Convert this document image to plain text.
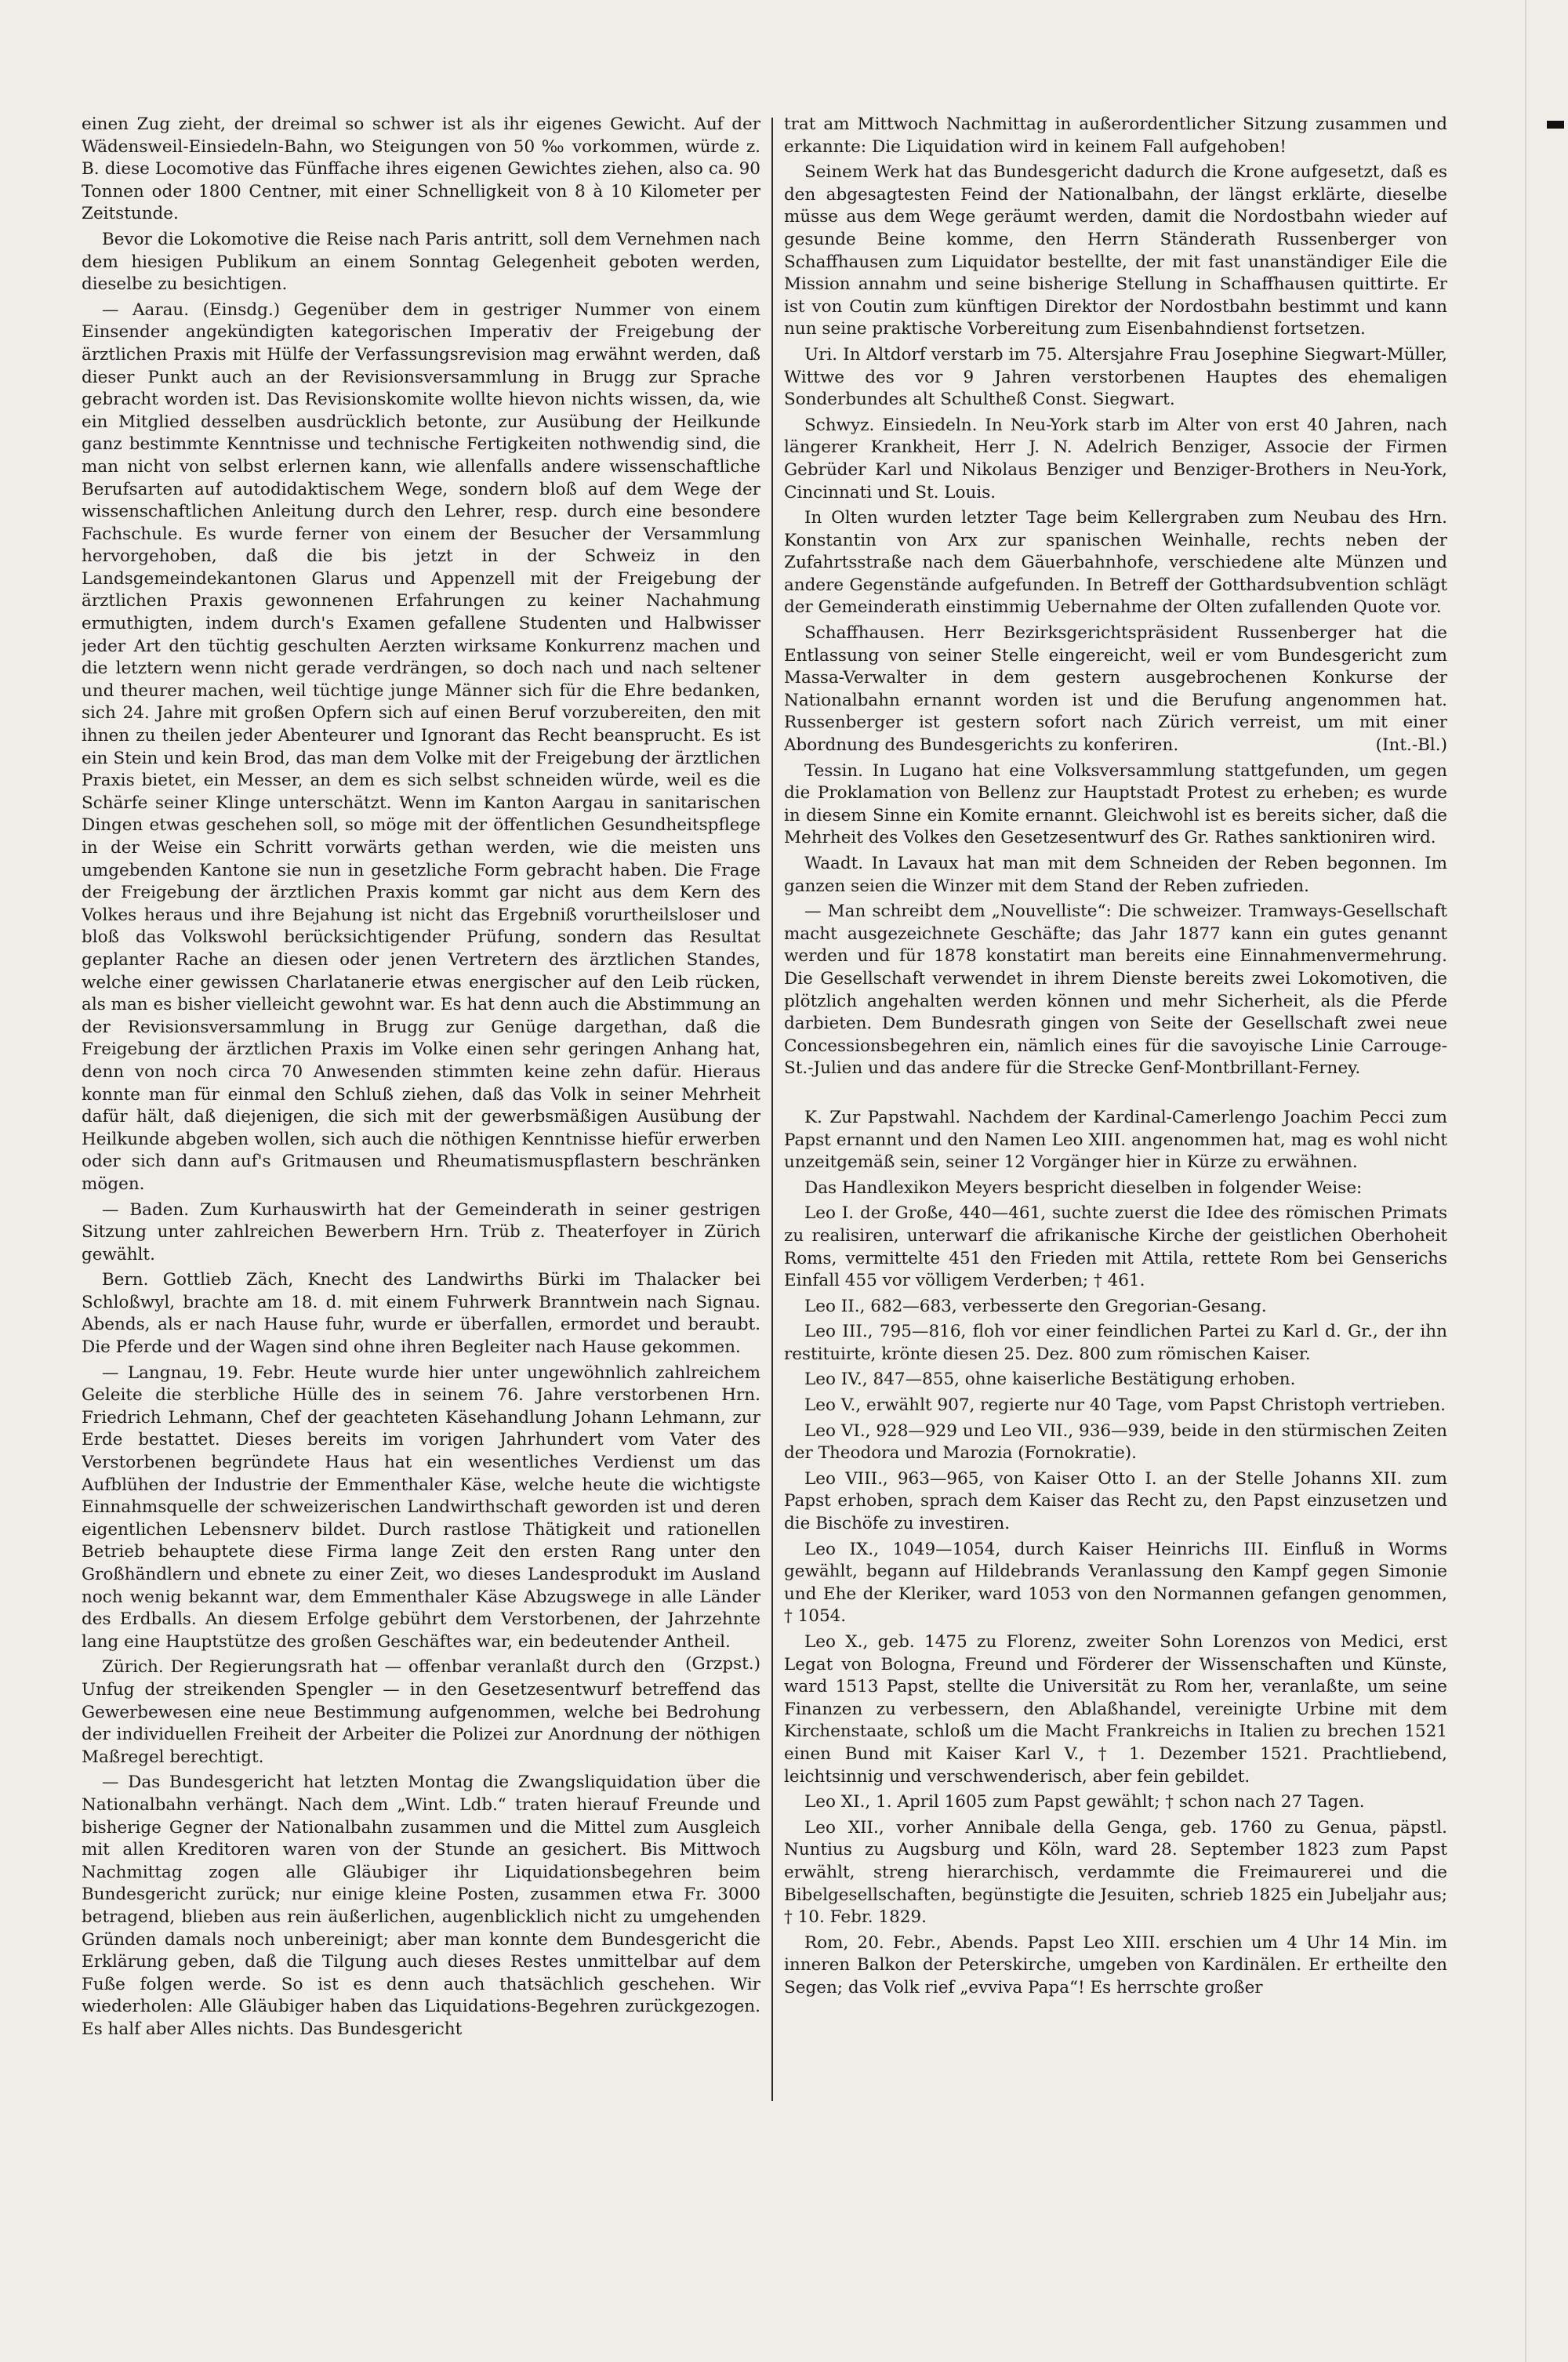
einen Zug zieht, der dreimal so schwer ist als ihr eigenes Gewicht. Auf der Wädensweil-Einsiedeln-Bahn, wo Steigungen von 50 ‰ vorkommen, würde z. B. diese Locomotive das Fünffache ihres eigenen Gewichtes ziehen, also ca. 90 Tonnen oder 1800 Centner, mit einer Schnelligkeit von 8 à 10 Kilometer per Zeitstunde.

Bevor die Lokomotive die Reise nach Paris antritt, soll dem Vernehmen nach dem hiesigen Publikum an einem Sonntag Gelegenheit geboten werden, dieselbe zu besichtigen.

— Aarau. (Einsdg.) Gegenüber dem in gestriger Nummer von einem Einsender angekündigten kategorischen Imperativ der Freigebung der ärztlichen Praxis mit Hülfe der Verfassungsrevision mag erwähnt werden, daß dieser Punkt auch an der Revisionsversammlung in Brugg zur Sprache gebracht worden ist. Das Revisionskomite wollte hievon nichts wissen, da, wie ein Mitglied desselben ausdrücklich betonte, zur Ausübung der Heilkunde ganz bestimmte Kenntnisse und technische Fertigkeiten nothwendig sind, die man nicht von selbst erlernen kann, wie allenfalls andere wissenschaftliche Berufsarten auf autodidaktischem Wege, sondern bloß auf dem Wege der wissenschaftlichen Anleitung durch den Lehrer, resp. durch eine besondere Fachschule. Es wurde ferner von einem der Besucher der Versammlung hervorgehoben, daß die bis jetzt in der Schweiz in den Landsgemeindekantonen Glarus und Appenzell mit der Freigebung der ärztlichen Praxis gewonnenen Erfahrungen zu keiner Nachahmung ermuthigten, indem durch's Examen gefallene Studenten und Halbwisser jeder Art den tüchtig geschulten Aerzten wirksame Konkurrenz machen und die letztern wenn nicht gerade verdrängen, so doch nach und nach seltener und theurer machen, weil tüchtige junge Männer sich für die Ehre bedanken, sich 24. Jahre mit großen Opfern sich auf einen Beruf vorzubereiten, den mit ihnen zu theilen jeder Abenteurer und Ignorant das Recht beansprucht. Es ist ein Stein und kein Brod, das man dem Volke mit der Freigebung der ärztlichen Praxis bietet, ein Messer, an dem es sich selbst schneiden würde, weil es die Schärfe seiner Klinge unterschätzt. Wenn im Kanton Aargau in sanitarischen Dingen etwas geschehen soll, so möge mit der öffentlichen Gesundheitspflege in der Weise ein Schritt vorwärts gethan werden, wie die meisten uns umgebenden Kantone sie nun in gesetzliche Form gebracht haben. Die Frage der Freigebung der ärztlichen Praxis kommt gar nicht aus dem Kern des Volkes heraus und ihre Bejahung ist nicht das Ergebniß vorurtheilsloser und bloß das Volkswohl berücksichtigender Prüfung, sondern das Resultat geplanter Rache an diesen oder jenen Vertretern des ärztlichen Standes, welche einer gewissen Charlatanerie etwas energischer auf den Leib rücken, als man es bisher vielleicht gewohnt war. Es hat denn auch die Abstimmung an der Revisionsversammlung in Brugg zur Genüge dargethan, daß die Freigebung der ärztlichen Praxis im Volke einen sehr geringen Anhang hat, denn von noch circa 70 Anwesenden stimmten keine zehn dafür. Hieraus konnte man für einmal den Schluß ziehen, daß das Volk in seiner Mehrheit dafür hält, daß diejenigen, die sich mit der gewerbsmäßigen Ausübung der Heilkunde abgeben wollen, sich auch die nöthigen Kenntnisse hiefür erwerben oder sich dann auf's Gritmausen und Rheumatismuspflastern beschränken mögen.

— Baden. Zum Kurhauswirth hat der Gemeinderath in seiner gestrigen Sitzung unter zahlreichen Bewerbern Hrn. Trüb z. Theaterfoyer in Zürich gewählt.

Bern. Gottlieb Zäch, Knecht des Landwirths Bürki im Thalacker bei Schloßwyl, brachte am 18. d. mit einem Fuhrwerk Branntwein nach Signau. Abends, als er nach Hause fuhr, wurde er überfallen, ermordet und beraubt. Die Pferde und der Wagen sind ohne ihren Begleiter nach Hause gekommen.

— Langnau, 19. Febr. Heute wurde hier unter ungewöhnlich zahlreichem Geleite die sterbliche Hülle des in seinem 76. Jahre verstorbenen Hrn. Friedrich Lehmann, Chef der geachteten Käsehandlung Johann Lehmann, zur Erde bestattet. Dieses bereits im vorigen Jahrhundert vom Vater des Verstorbenen begründete Haus hat ein wesentliches Verdienst um das Aufblühen der Industrie der Emmenthaler Käse, welche heute die wichtigste Einnahmsquelle der schweizerischen Landwirthschaft geworden ist und deren eigentlichen Lebensnerv bildet. Durch rastlose Thätigkeit und rationellen Betrieb behauptete diese Firma lange Zeit den ersten Rang unter den Großhändlern und ebnete zu einer Zeit, wo dieses Landesprodukt im Ausland noch wenig bekannt war, dem Emmenthaler Käse Abzugswege in alle Länder des Erdballs. An diesem Erfolge gebührt dem Verstorbenen, der Jahrzehnte lang eine Hauptstütze des großen Geschäftes war, ein bedeutender Antheil.
(Grzpst.)

Zürich. Der Regierungsrath hat — offenbar veranlaßt durch den Unfug der streikenden Spengler — in den Gesetzesentwurf betreffend das Gewerbewesen eine neue Bestimmung aufgenommen, welche bei Bedrohung der individuellen Freiheit der Arbeiter die Polizei zur Anordnung der nöthigen Maßregel berechtigt.

— Das Bundesgericht hat letzten Montag die Zwangsliquidation über die Nationalbahn verhängt. Nach dem „Wint. Ldb.“ traten hierauf Freunde und bisherige Gegner der Nationalbahn zusammen und die Mittel zum Ausgleich mit allen Kreditoren waren von der Stunde an gesichert. Bis Mittwoch Nachmittag zogen alle Gläubiger ihr Liquidationsbegehren beim Bundesgericht zurück; nur einige kleine Posten, zusammen etwa Fr. 3000 betragend, blieben aus rein äußerlichen, augenblicklich nicht zu umgehenden Gründen damals noch unbereinigt; aber man konnte dem Bundesgericht die Erklärung geben, daß die Tilgung auch dieses Restes unmittelbar auf dem Fuße folgen werde. So ist es denn auch thatsächlich geschehen. Wir wiederholen: Alle Gläubiger haben das Liquidations-Begehren zurückgezogen. Es half aber Alles nichts. Das Bundesgericht

trat am Mittwoch Nachmittag in außerordentlicher Sitzung zusammen und erkannte: Die Liquidation wird in keinem Fall aufgehoben!

Seinem Werk hat das Bundesgericht dadurch die Krone aufgesetzt, daß es den abgesagtesten Feind der Nationalbahn, der längst erklärte, dieselbe müsse aus dem Wege geräumt werden, damit die Nordostbahn wieder auf gesunde Beine komme, den Herrn Ständerath Russenberger von Schaffhausen zum Liquidator bestellte, der mit fast unanständiger Eile die Mission annahm und seine bisherige Stellung in Schaffhausen quittirte. Er ist von Coutin zum künftigen Direktor der Nordostbahn bestimmt und kann nun seine praktische Vorbereitung zum Eisenbahndienst fortsetzen.

Uri. In Altdorf verstarb im 75. Altersjahre Frau Josephine Siegwart-Müller, Wittwe des vor 9 Jahren verstorbenen Hauptes des ehemaligen Sonderbundes alt Schultheß Const. Siegwart.

Schwyz. Einsiedeln. In Neu-York starb im Alter von erst 40 Jahren, nach längerer Krankheit, Herr J. N. Adelrich Benziger, Associe der Firmen Gebrüder Karl und Nikolaus Benziger und Benziger-Brothers in Neu-York, Cincinnati und St. Louis.

In Olten wurden letzter Tage beim Kellergraben zum Neubau des Hrn. Konstantin von Arx zur spanischen Weinhalle, rechts neben der Zufahrtsstraße nach dem Gäuerbahnhofe, verschiedene alte Münzen und andere Gegenstände aufgefunden. In Betreff der Gotthardsubvention schlägt der Gemeinderath einstimmig Uebernahme der Olten zufallenden Quote vor.

Schaffhausen. Herr Bezirksgerichtspräsident Russenberger hat die Entlassung von seiner Stelle eingereicht, weil er vom Bundesgericht zum Massa-Verwalter in dem gestern ausgebrochenen Konkurse der Nationalbahn ernannt worden ist und die Berufung angenommen hat. Russenberger ist gestern sofort nach Zürich verreist, um mit einer Abordnung des Bundesgerichts zu konferiren.	(Int.-Bl.)

Tessin. In Lugano hat eine Volksversammlung stattgefunden, um gegen die Proklamation von Bellenz zur Hauptstadt Protest zu erheben; es wurde in diesem Sinne ein Komite ernannt. Gleichwohl ist es bereits sicher, daß die Mehrheit des Volkes den Gesetzesentwurf des Gr. Rathes sanktioniren wird.

Waadt. In Lavaux hat man mit dem Schneiden der Reben begonnen. Im ganzen seien die Winzer mit dem Stand der Reben zufrieden.

— Man schreibt dem „Nouvelliste“: Die schweizer. Tramways-Gesellschaft macht ausgezeichnete Geschäfte; das Jahr 1877 kann ein gutes genannt werden und für 1878 konstatirt man bereits eine Einnahmenvermehrung. Die Gesellschaft verwendet in ihrem Dienste bereits zwei Lokomotiven, die plötzlich angehalten werden können und mehr Sicherheit, als die Pferde darbieten. Dem Bundesrath gingen von Seite der Gesellschaft zwei neue Concessionsbegehren ein, nämlich eines für die savoyische Linie Carrouge-St.-Julien und das andere für die Strecke Genf-Montbrillant-Ferney.

K. Zur Papstwahl. Nachdem der Kardinal-Camerlengo Joachim Pecci zum Papst ernannt und den Namen Leo XIII. angenommen hat, mag es wohl nicht unzeitgemäß sein, seiner 12 Vorgänger hier in Kürze zu erwähnen.

Das Handlexikon Meyers bespricht dieselben in folgender Weise:

Leo I. der Große, 440—461, suchte zuerst die Idee des römischen Primats zu realisiren, unterwarf die afrikanische Kirche der geistlichen Oberhoheit Roms, vermittelte 451 den Frieden mit Attila, rettete Rom bei Genserichs Einfall 455 vor völligem Verderben; † 461.

Leo II., 682—683, verbesserte den Gregorian-Gesang.

Leo III., 795—816, floh vor einer feindlichen Partei zu Karl d. Gr., der ihn restituirte, krönte diesen 25. Dez. 800 zum römischen Kaiser.

Leo IV., 847—855, ohne kaiserliche Bestätigung erhoben.

Leo V., erwählt 907, regierte nur 40 Tage, vom Papst Christoph vertrieben.

Leo VI., 928—929 und Leo VII., 936—939, beide in den stürmischen Zeiten der Theodora und Marozia (Fornokratie).

Leo VIII., 963—965, von Kaiser Otto I. an der Stelle Johanns XII. zum Papst erhoben, sprach dem Kaiser das Recht zu, den Papst einzusetzen und die Bischöfe zu investiren.

Leo IX., 1049—1054, durch Kaiser Heinrichs III. Einfluß in Worms gewählt, begann auf Hildebrands Veranlassung den Kampf gegen Simonie und Ehe der Kleriker, ward 1053 von den Normannen gefangen genommen, † 1054.

Leo X., geb. 1475 zu Florenz, zweiter Sohn Lorenzos von Medici, erst Legat von Bologna, Freund und Förderer der Wissenschaften und Künste, ward 1513 Papst, stellte die Universität zu Rom her, veranlaßte, um seine Finanzen zu verbessern, den Ablaßhandel, vereinigte Urbine mit dem Kirchenstaate, schloß um die Macht Frankreichs in Italien zu brechen 1521 einen Bund mit Kaiser Karl V., † 1. Dezember 1521. Prachtliebend, leichtsinnig und verschwenderisch, aber fein gebildet.

Leo XI., 1. April 1605 zum Papst gewählt; † schon nach 27 Tagen.

Leo XII., vorher Annibale della Genga, geb. 1760 zu Genua, päpstl. Nuntius zu Augsburg und Köln, ward 28. September 1823 zum Papst erwählt, streng hierarchisch, verdammte die Freimaurerei und die Bibelgesellschaften, begünstigte die Jesuiten, schrieb 1825 ein Jubeljahr aus; † 10. Febr. 1829.

Rom, 20. Febr., Abends. Papst Leo XIII. erschien um 4 Uhr 14 Min. im inneren Balkon der Peterskirche, umgeben von Kardinälen. Er ertheilte den Segen; das Volk rief „evviva Papa“! Es herrschte großer
